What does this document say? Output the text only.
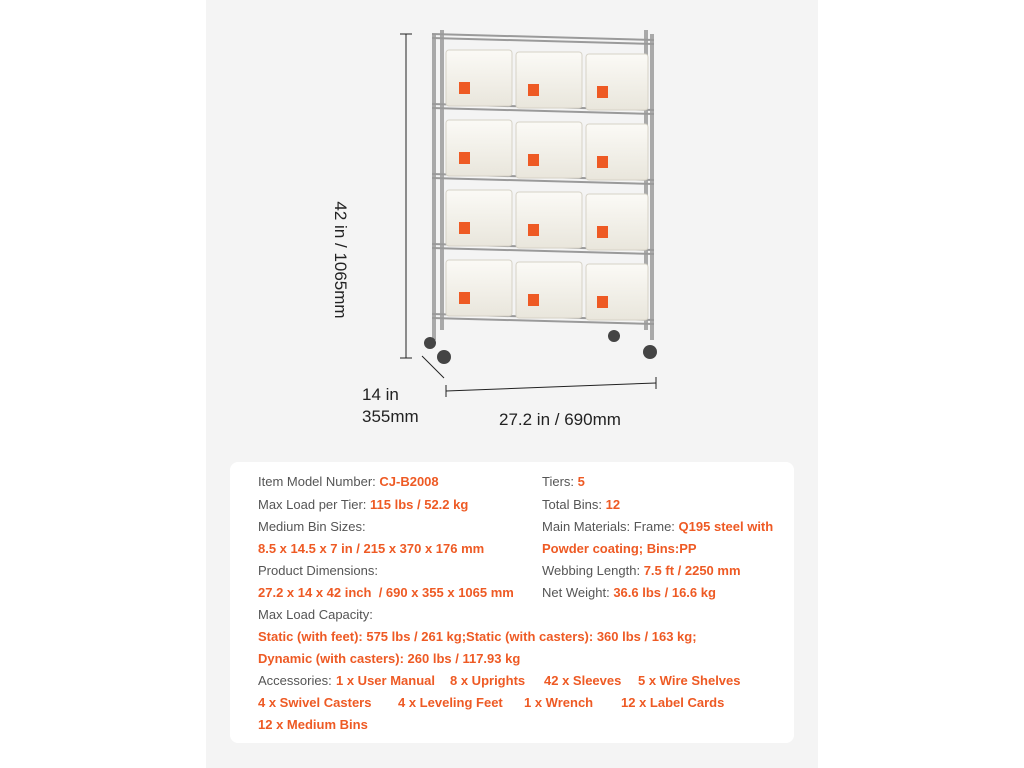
42 in / 1065mm
14 in
355mm	27.2 in / 690mm
Item Model Number: CJ-B2008	Tiers: 5
Max Load per Tier: 115 lbs / 52.2 kg	Total Bins: 12
Medium Bin Sizes:	Main Materials: Frame: Q195 steel with
8.5 x 14.5 x 7 in / 215 x 370 x 176 mm	Powder coating; Bins:PP
Product Dimensions:	Webbing Length: 7.5 ft / 2250 mm
27.2 x 14 x 42 inch  / 690 x 355 x 1065 mm Net Weight: 36.6 lbs / 16.6 kg
Max Load Capacity:
Static (with feet): 575 lbs / 261 kg;Static (with casters): 360 lbs / 163 kg;
Dynamic (with casters): 260 lbs / 117.93 kg
Accessories: 1 x User Manual 8 x Uprights 42 x Sleeves 5 x Wire Shelves
4 x Swivel Casters 4 x Leveling Feet 1 x Wrench 12 x Label Cards
12 x Medium Bins
